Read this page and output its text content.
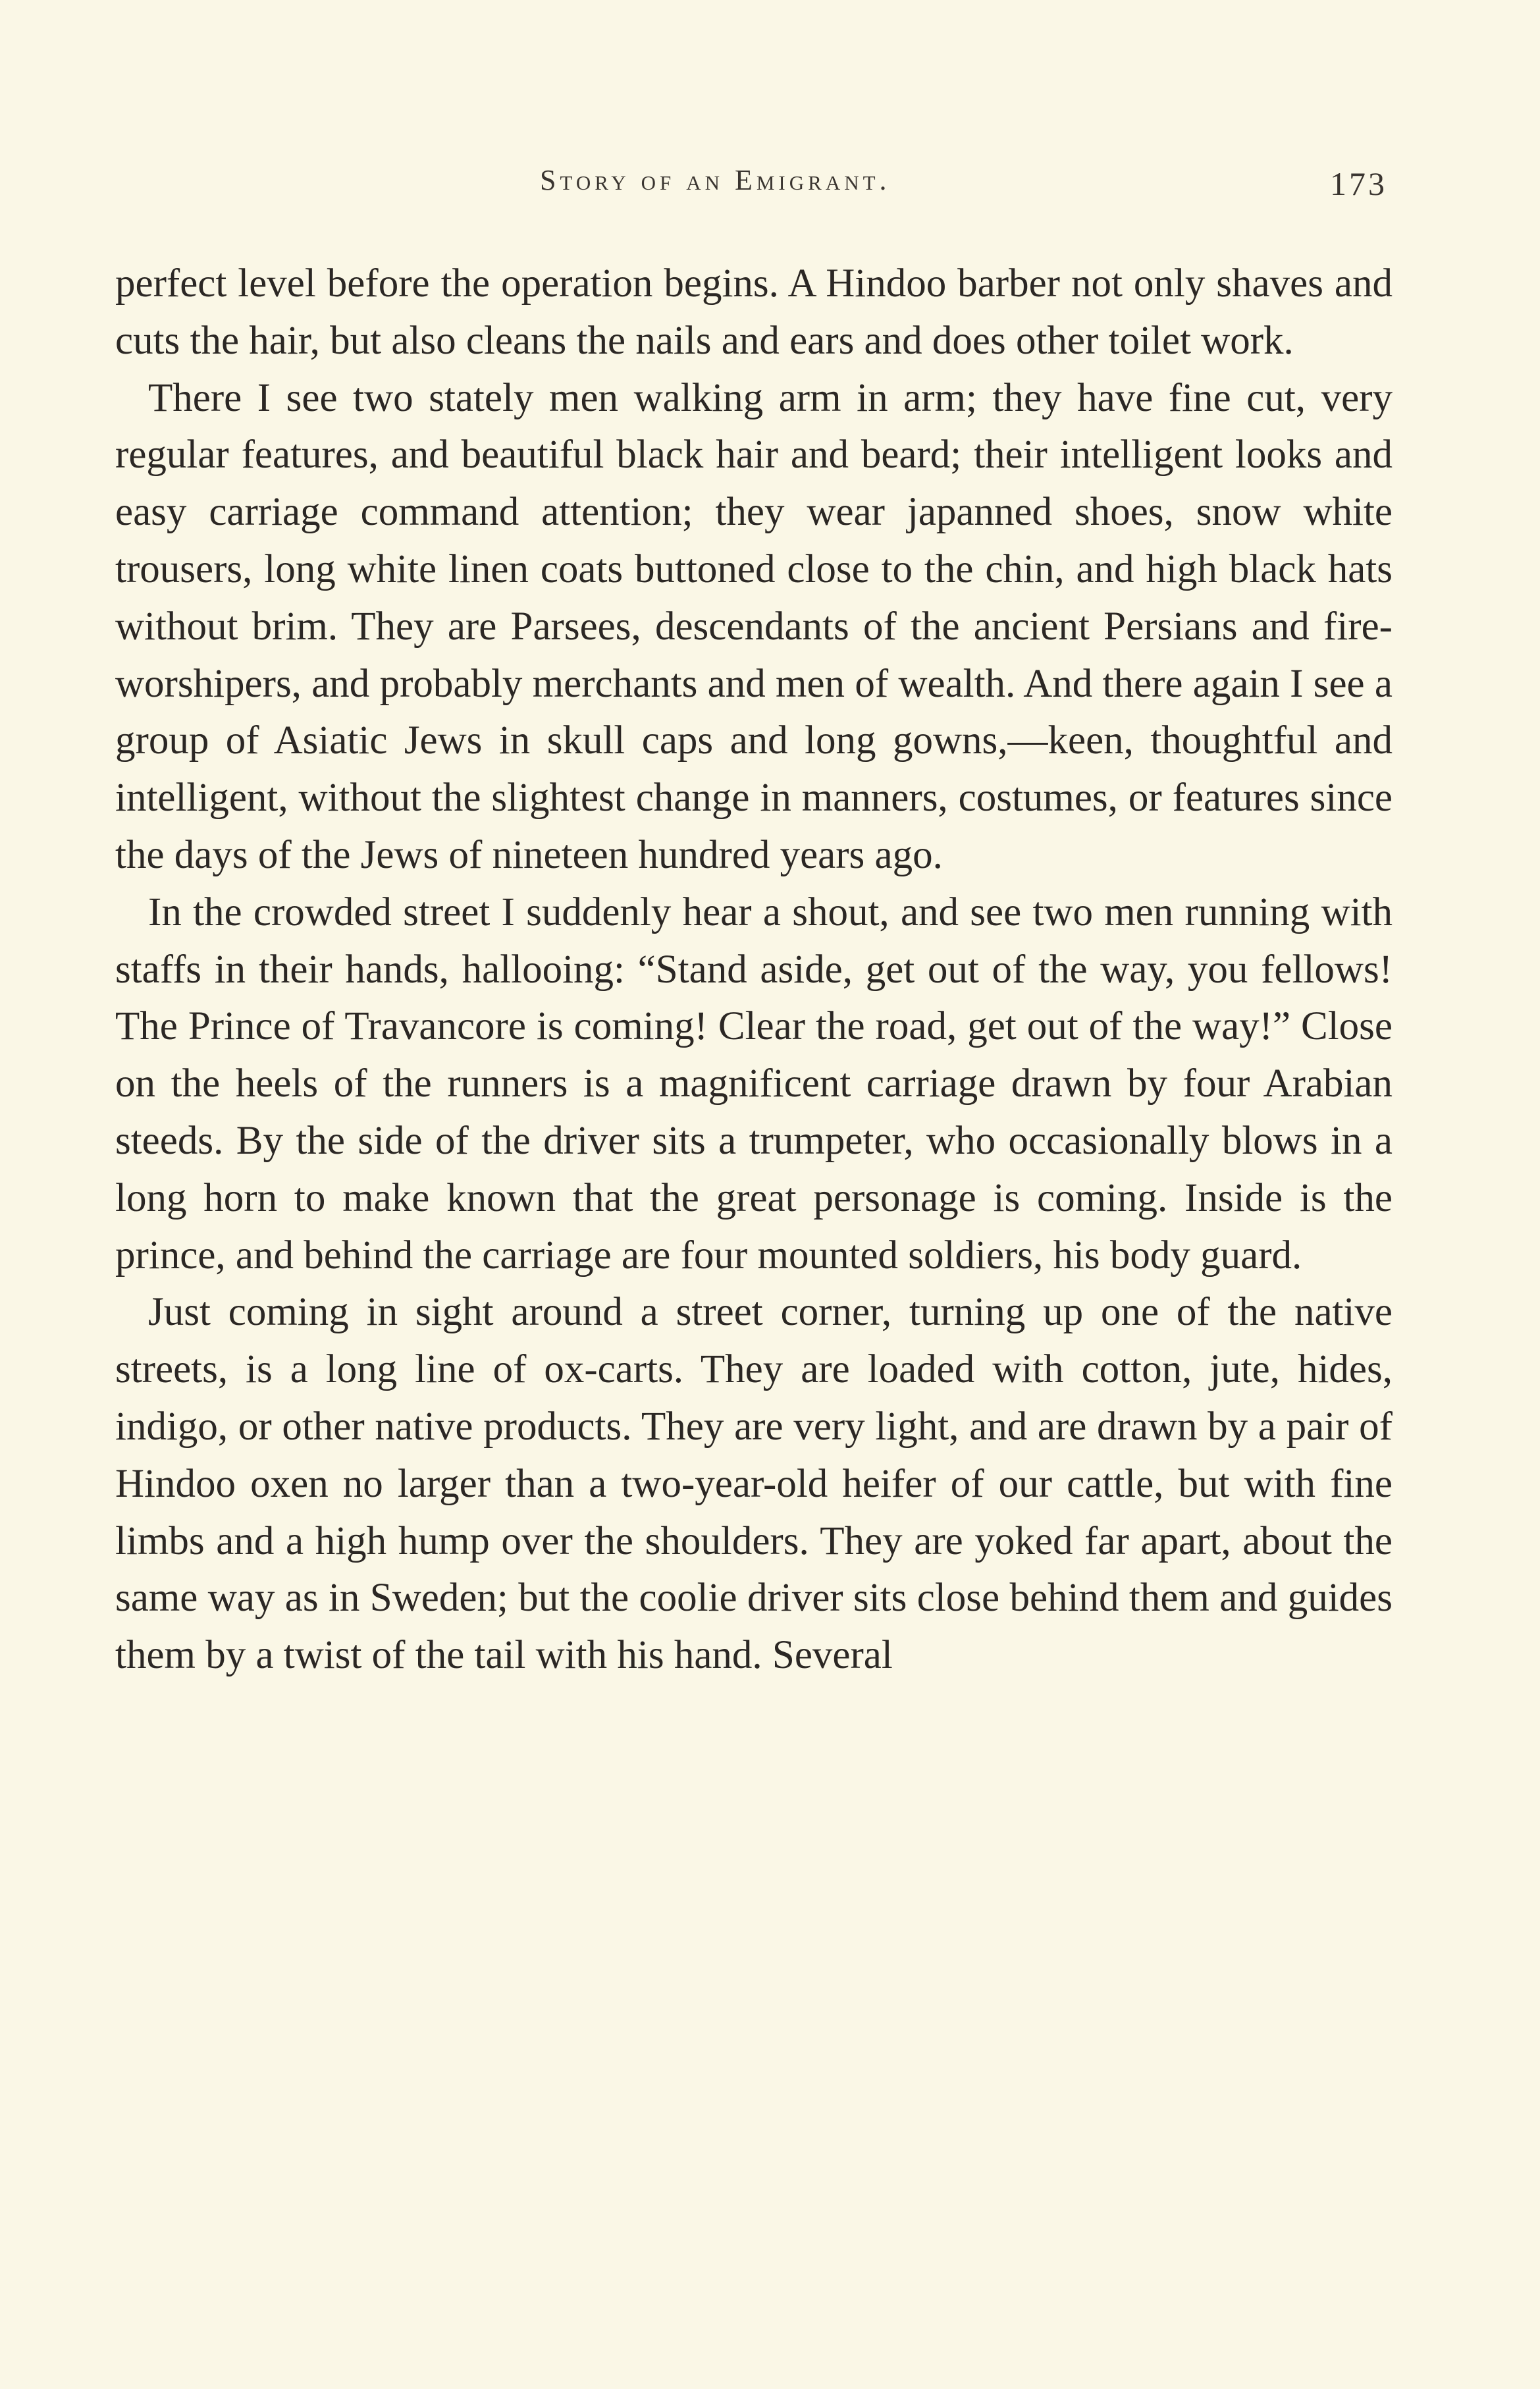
Story of an Emigrant.	173

perfect level before the operation begins. A Hindoo barber not only shaves and cuts the hair, but also cleans the nails and ears and does other toilet work.

There I see two stately men walking arm in arm; they have fine cut, very regular features, and beautiful black hair and beard; their intelligent looks and easy carriage command attention; they wear japanned shoes, snow white trousers, long white linen coats buttoned close to the chin, and high black hats without brim. They are Parsees, descendants of the ancient Persians and fire-worshipers, and probably merchants and men of wealth. And there again I see a group of Asiatic Jews in skull caps and long gowns,—keen, thoughtful and intelligent, without the slightest change in manners, costumes, or features since the days of the Jews of nineteen hundred years ago.

In the crowded street I suddenly hear a shout, and see two men running with staffs in their hands, hallooing: “Stand aside, get out of the way, you fellows! The Prince of Travancore is coming! Clear the road, get out of the way!” Close on the heels of the runners is a magnificent carriage drawn by four Arabian steeds. By the side of the driver sits a trumpeter, who occasionally blows in a long horn to make known that the great personage is coming. Inside is the prince, and behind the carriage are four mounted soldiers, his body guard.

Just coming in sight around a street corner, turning up one of the native streets, is a long line of ox-carts. They are loaded with cotton, jute, hides, indigo, or other native products. They are very light, and are drawn by a pair of Hindoo oxen no larger than a two-year-old heifer of our cattle, but with fine limbs and a high hump over the shoulders. They are yoked far apart, about the same way as in Sweden; but the coolie driver sits close behind them and guides them by a twist of the tail with his hand. Several
